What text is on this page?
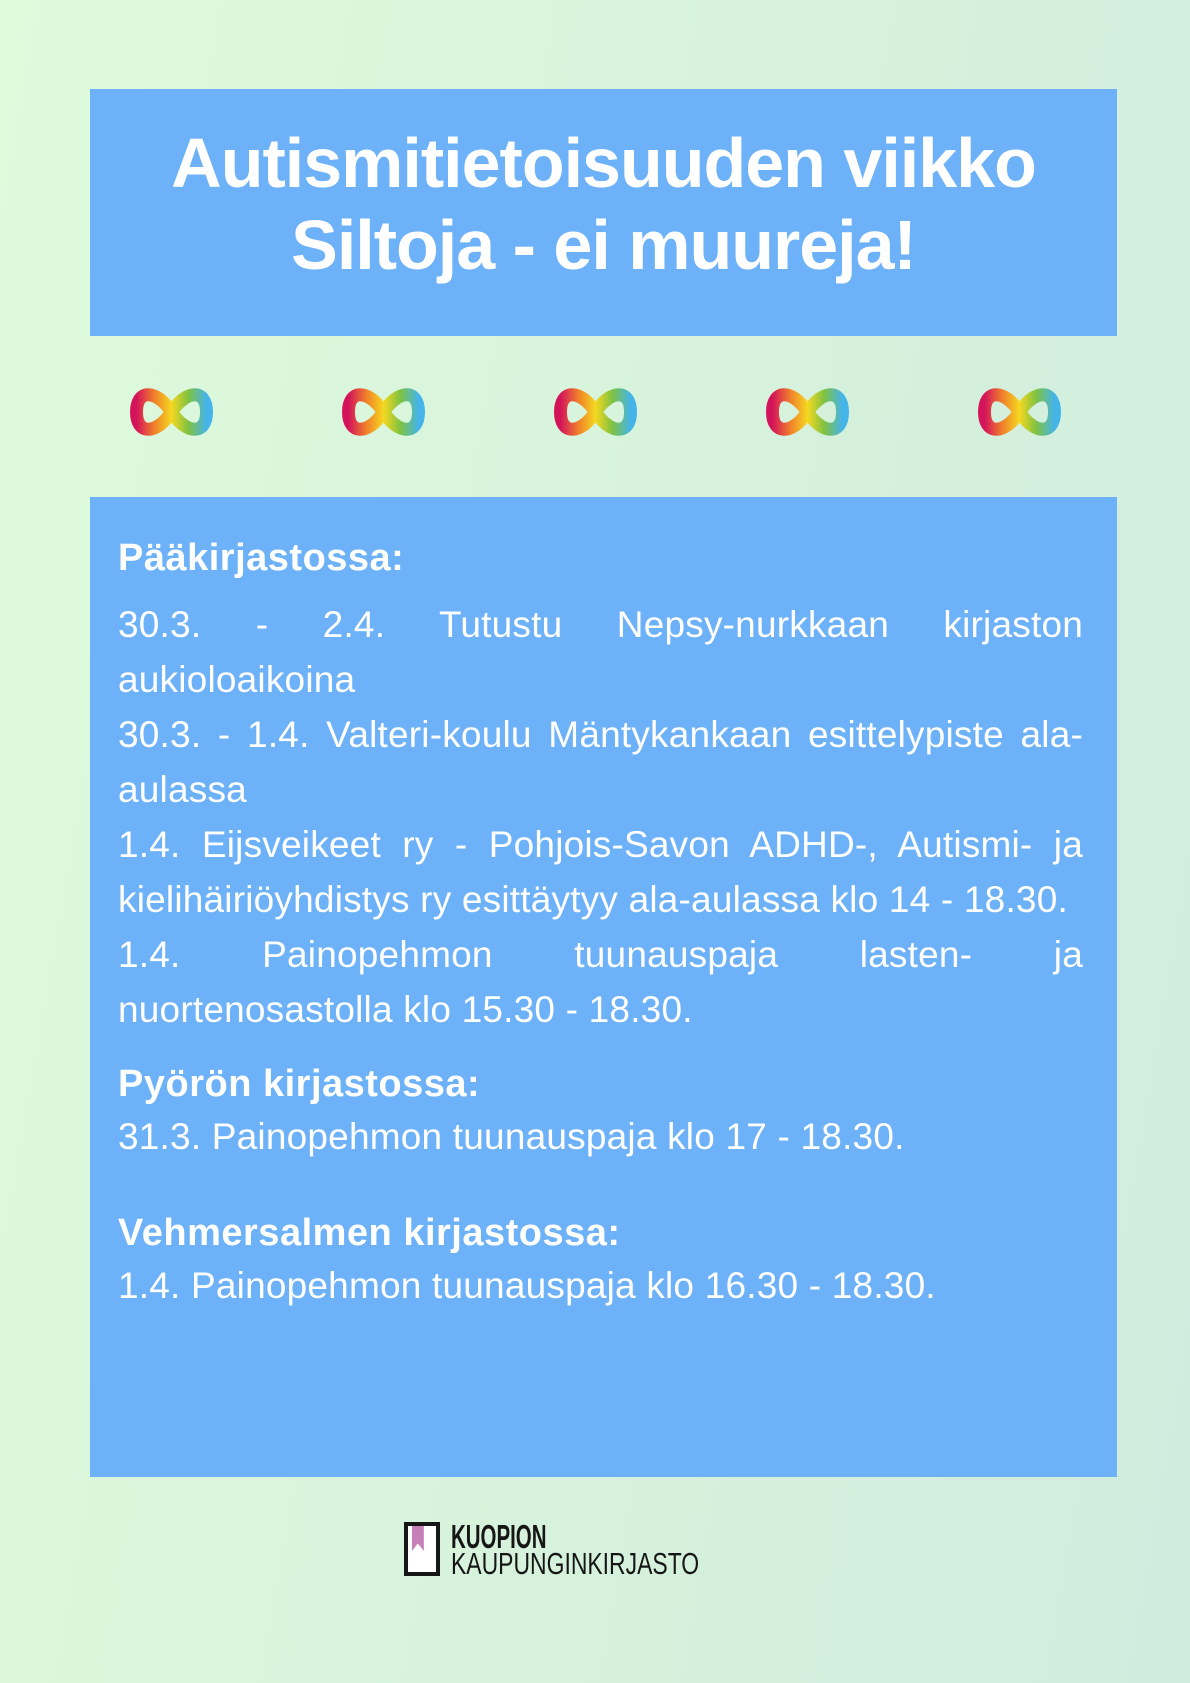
Autismitietoisuuden viikko
Siltoja - ei muureja!
Pääkirjastossa:

30.3. - 2.4. Tutustu Nepsy-nurkkaan kirjaston aukioloaikoina

30.3. - 1.4. Valteri-koulu Mäntykankaan esittelypiste ala-aulassa

1.4. Eijsveikeet ry - Pohjois-Savon ADHD-, Autismi- ja kielihäiriöyhdistys ry esittäytyy ala-aulassa klo 14 - 18.30.

1.4. Painopehmon tuunauspaja lasten- ja nuortenosastolla klo 15.30 - 18.30.

Pyörön kirjastossa:

31.3. Painopehmon tuunauspaja klo 17 - 18.30.

Vehmersalmen kirjastossa:

1.4. Painopehmon tuunauspaja klo 16.30 - 18.30.

KUOPION
KAUPUNGINKIRJASTO
